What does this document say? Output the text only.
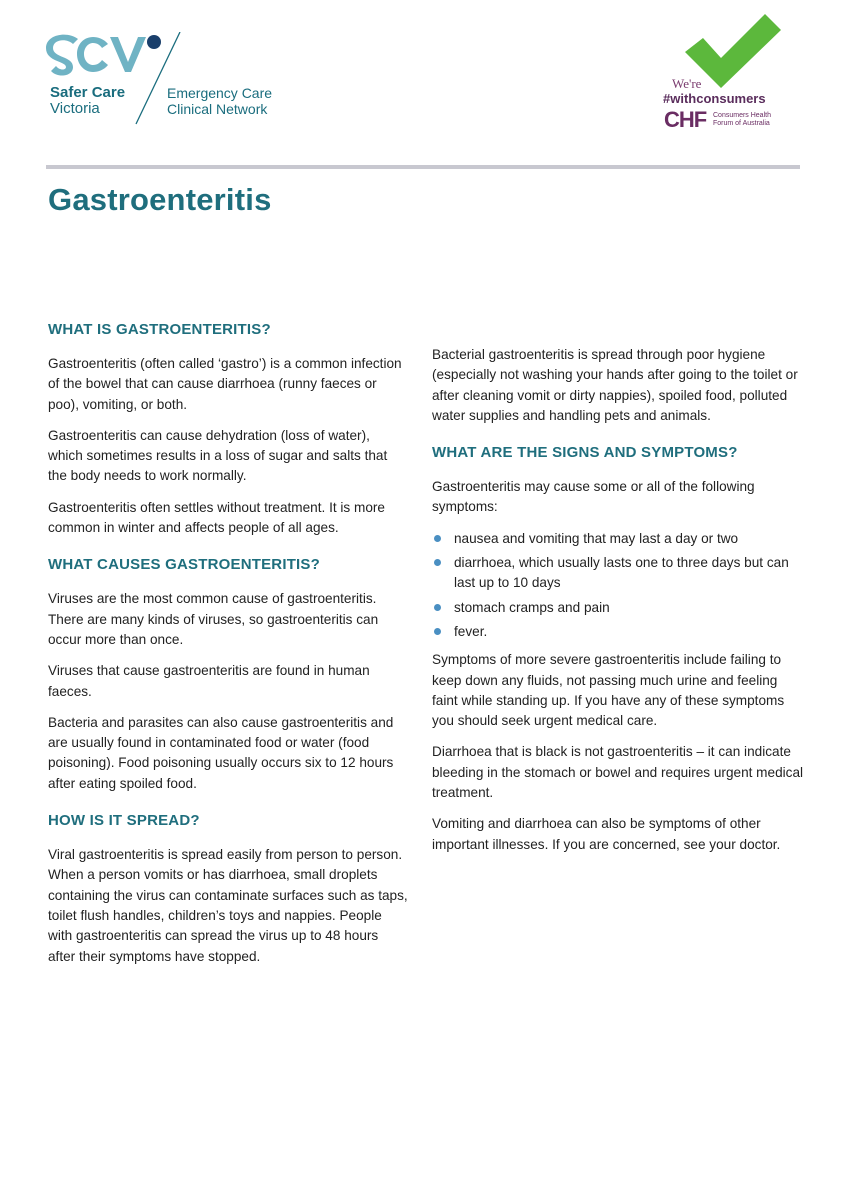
Safer Care
Victoria
Emergency Care
Clinical Network
We're
#withconsumers
CHF Consumers Health
Forum of Australia
Gastroenteritis
WHAT IS GASTROENTERITIS?

Gastroenteritis (often called ‘gastro’) is a common infection of the bowel that can cause diarrhoea (runny faeces or poo), vomiting, or both.

Gastroenteritis can cause dehydration (loss of water), which sometimes results in a loss of sugar and salts that the body needs to work normally.

Gastroenteritis often settles without treatment. It is more common in winter and affects people of all ages.

WHAT CAUSES GASTROENTERITIS?

Viruses are the most common cause of gastroenteritis. There are many kinds of viruses, so gastroenteritis can occur more than once.

Viruses that cause gastroenteritis are found in human faeces.

Bacteria and parasites can also cause gastroenteritis and are usually found in contaminated food or water (food poisoning). Food poisoning usually occurs six to 12 hours after eating spoiled food.

HOW IS IT SPREAD?

Viral gastroenteritis is spread easily from person to person. When a person vomits or has diarrhoea, small droplets containing the virus can contaminate surfaces such as taps, toilet flush handles, children’s toys and nappies. People with gastroenteritis can spread the virus up to 48 hours after their symptoms have stopped.

Bacterial gastroenteritis is spread through poor hygiene (especially not washing your hands after going to the toilet or after cleaning vomit or dirty nappies), spoiled food, polluted water supplies and handling pets and animals.

WHAT ARE THE SIGNS AND SYMPTOMS?

Gastroenteritis may cause some or all of the following symptoms:

nausea and vomiting that may last a day or two
diarrhoea, which usually lasts one to three days but can last up to 10 days
stomach cramps and pain
fever.

Symptoms of more severe gastroenteritis include failing to keep down any fluids, not passing much urine and feeling faint while standing up. If you have any of these symptoms you should seek urgent medical care.

Diarrhoea that is black is not gastroenteritis – it can indicate bleeding in the stomach or bowel and requires urgent medical treatment.

Vomiting and diarrhoea can also be symptoms of other important illnesses. If you are concerned, see your doctor.
